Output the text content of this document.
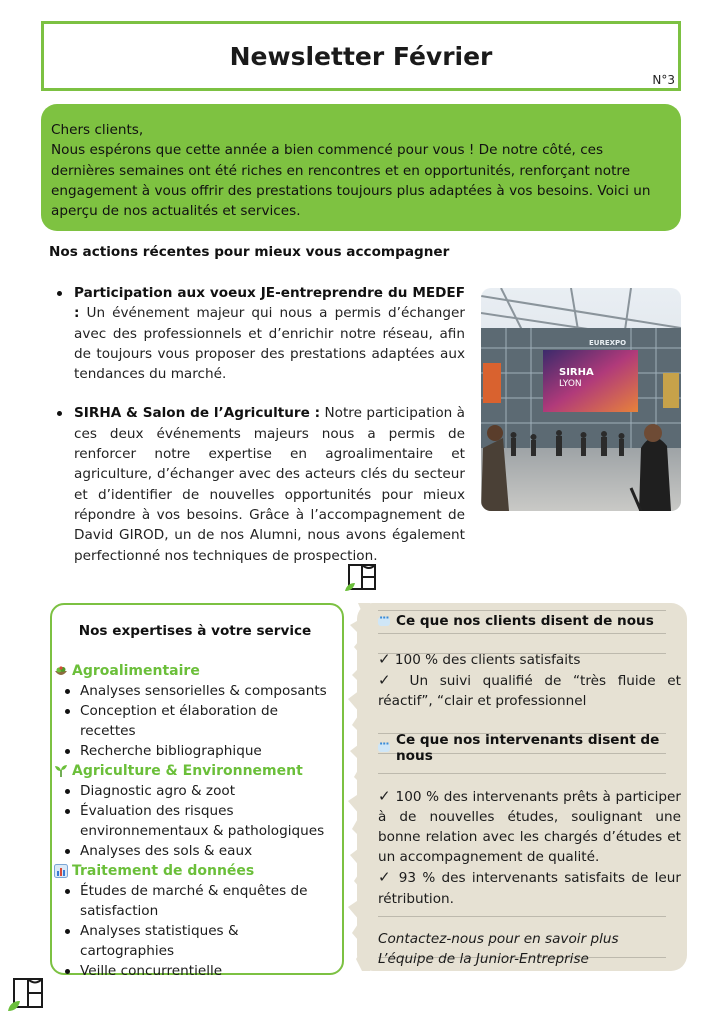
Newsletter Février
N°3
Chers clients,
Nous espérons que cette année a bien commencé pour vous ! De notre côté, ces dernières semaines ont été riches en rencontres et en opportunités, renforçant notre engagement à vous offrir des prestations toujours plus adaptées à vos besoins. Voici un aperçu de nos actualités et services.
Nos actions récentes pour mieux vous accompagner
Participation aux voeux JE-entreprendre du MEDEF : Un événement majeur qui nous a permis d’échanger avec des professionnels et d’enrichir notre réseau, afin de toujours vous proposer des prestations adaptées aux tendances du marché.
SIRHA & Salon de l’Agriculture : Notre participation à ces deux événements majeurs nous a permis de renforcer notre expertise en agroalimentaire et agriculture, d’échanger avec des acteurs clés du secteur et d’identifier de nouvelles opportunités pour mieux répondre à vos besoins. Grâce à l’accompagnement de David GIROD, un de nos Alumni, nous avons également perfectionné nos techniques de prospection.
SIRHA
LYON
EUREXPO
Nos expertises à votre service
Agroalimentaire
Analyses sensorielles & composants
Conception et élaboration de recettes
Recherche bibliographique
Agriculture & Environnement
Diagnostic agro & zoot
Évaluation des risques environnementaux & pathologiques
Analyses des sols & eaux
Traitement de données
Études de marché & enquêtes de satisfaction
Analyses statistiques & cartographies
Veille concurrentielle
···
Ce que nos clients disent de nous
✓ 100 % des clients satisfaits
✓ Un suivi qualifié de “très fluide et réactif”, “clair et professionnel
···
Ce que nos intervenants disent de nous
✓ 100 % des intervenants prêts à participer à de nouvelles études, soulignant une bonne relation avec les chargés d’études et un accompagnement de qualité.
✓ 93 % des intervenants satisfaits de leur rétribution.
Contactez-nous pour en savoir plus
L’équipe de la Junior-Entreprise
